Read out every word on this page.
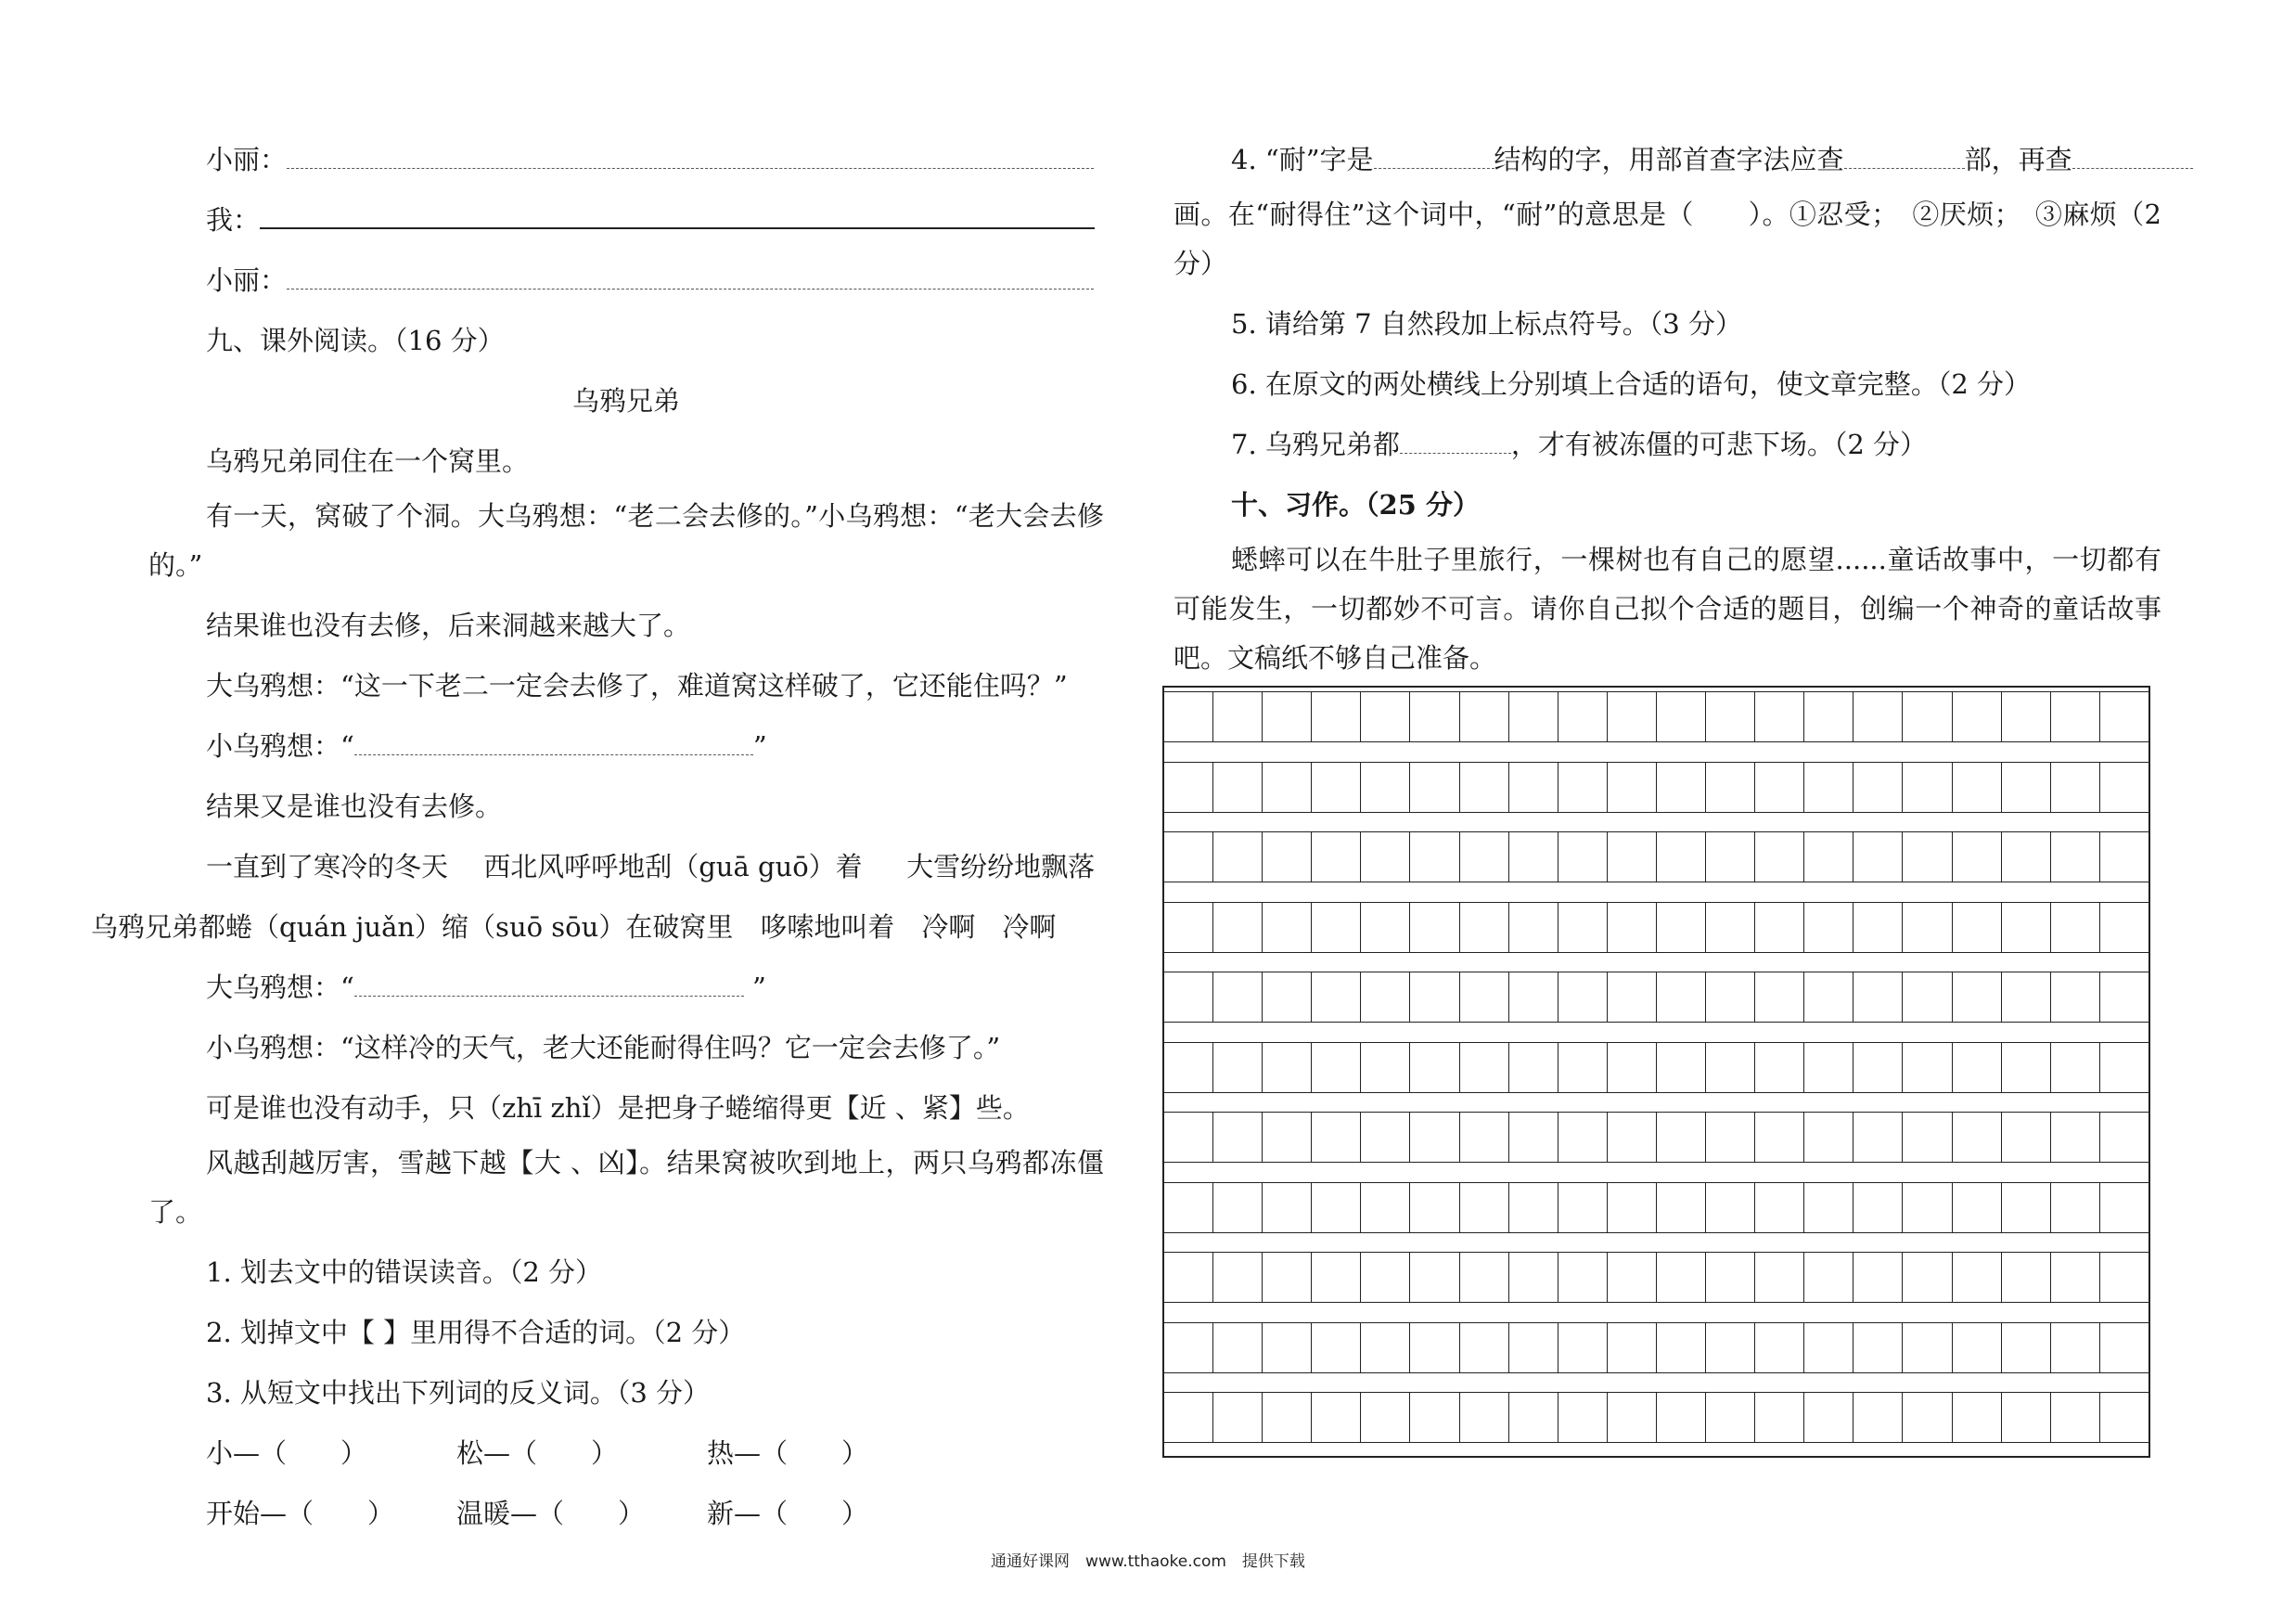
小丽：
我：
小丽：
九、课外阅读。（16 分）
乌鸦兄弟
乌鸦兄弟同住在一个窝里。
有一天，窝破了个洞。大乌鸦想：“老二会去修的。”小乌鸦想：“老大会去修的。”
结果谁也没有去修，后来洞越来越大了。
大乌鸦想：“这一下老二一定会去修了，难道窝这样破了，它还能住吗？”
小乌鸦想：“	”
结果又是谁也没有去修。
一直到了寒冷的冬天　 西北风呼呼地刮（guā guō）着 　 大雪纷纷地飘落
乌鸦兄弟都蜷（quán juǎn）缩（suō sōu）在破窝里　哆嗦地叫着　冷啊　冷啊
大乌鸦想：“	”
小乌鸦想：“这样冷的天气，老大还能耐得住吗？它一定会去修了。”
可是谁也没有动手，只（zhī zhǐ）是把身子蜷缩得更【近 、紧】些。
风越刮越厉害，雪越下越【大 、凶】。结果窝被吹到地上，两只乌鸦都冻僵了。
1. 划去文中的错误读音。（2 分）
2. 划掉文中【 】里用得不合适的词。（2 分）
3. 从短文中找出下列词的反义词。（3 分）
小—（　　）	松—（　　）	热—（　　）
开始—（　　）	温暖—（　　）	新—（　　）
4. “耐”字是	结构的字，用部首查字法应查	部，再查
画。在“耐得住”这个词中，“耐”的意思是（　　）。①忍受；　②厌烦；　③麻烦（2 分）
5. 请给第 7 自然段加上标点符号。（3 分）
6. 在原文的两处横线上分别填上合适的语句，使文章完整。（2 分）
7. 乌鸦兄弟都	，才有被冻僵的可悲下场。（2 分）
十、习作。（25 分）
蟋蟀可以在牛肚子里旅行，一棵树也有自己的愿望......童话故事中，一切都有可能发生，一切都妙不可言。请你自己拟个合适的题目，创编一个神奇的童话故事吧。文稿纸不够自己准备。
通通好课网　www.tthaoke.com　提供下载
